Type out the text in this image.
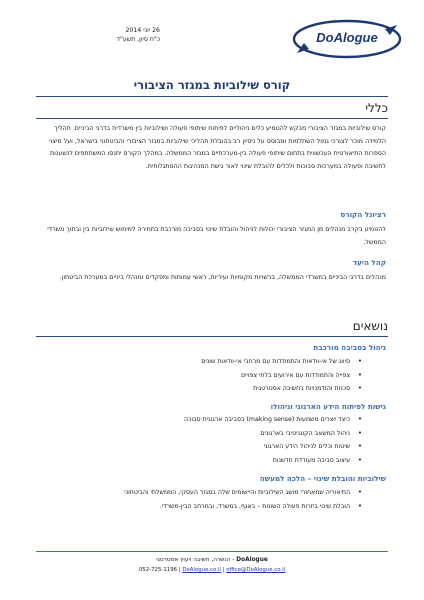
26 יוני 2014
כ"ח סיון, תשע"ד	DoAlogue
קורס שילוביות במגזר הציבורי
כללי
קורס שילוביות במגזר הציבורי מבקש להטמיע כלים ניהוליים לפיתוח שיתופי פעולה ושילוביות בין משרדית בדרגי הביניים. תהליך הלמידה מוכר לצורכי גמול השתלמות ומבוסס על ניסיון רב בהובלת תהליכי שילוביות במגזר הציבורי והביטחוני בישראל, ועל מיצוי הספרות התיאורטית העכשווית בתחום שיתופי פעולה בין-מערכתיים במגזר הממשלה. במהלך הקורס יתנסו המשתתפים לנשענות לחשיבה ופעולה במערכות סבוכות ולכלים להובלת שינוי לאור גישת המנהיגות ההסתגלותית.
רציונל הקורס
להטמיע בקרב מנהלים מן המגזר הציבורי יכולות לניהול והובלת שינוי בסביבה מורכבת בתחירה למימוש שילוביות בין ובתוך משרדי הממשל.
קהל היעד
מנהלים בדרגי הביניים במשרדי הממשלה, ברשויות מקומיות ועיריות, ראשי עמותות ומפקדים ומנהלי ביניים במערכת הביטחון.
נושאים
ניהול בסביבה מורכבת
• סיווג של אי-וודאות והתמודדות עם מרחבי אי-וודאות שונים
• צפייה והתמודדות עם אירועים בלתי צפויים
• סכנות והזדמנויות בחשיבה אסטרטגית
גישות לפיתוח הידע הארגוני וניהולו
• כיצד יוצרים משמעות (making sense) בסביבה ארגונית סבוכה
• ניהול המשאב הקוגניטיבי בארגונים
• שיטות וכלים לניהול הידע הארגוני
• עיצוב סביבה מעודדת חדשנות
שילוביות והובלת שינוי – הלכה למעשה
• התיאוריה שמאחורי מושג השילוביות והיישומים שלה במגזר העסקי, הממשלתי והביטחוני
• הובלת שינוי ביזרות פעולה השונות – באגף, במשרד, ובמרחב הבין-משרדי.
DoAlogue - הנשרה, חשיבה ויעוץ אסטרטגי
052-725-1196 | DoAlogue.co.il | office@DoAlogue.co.il
